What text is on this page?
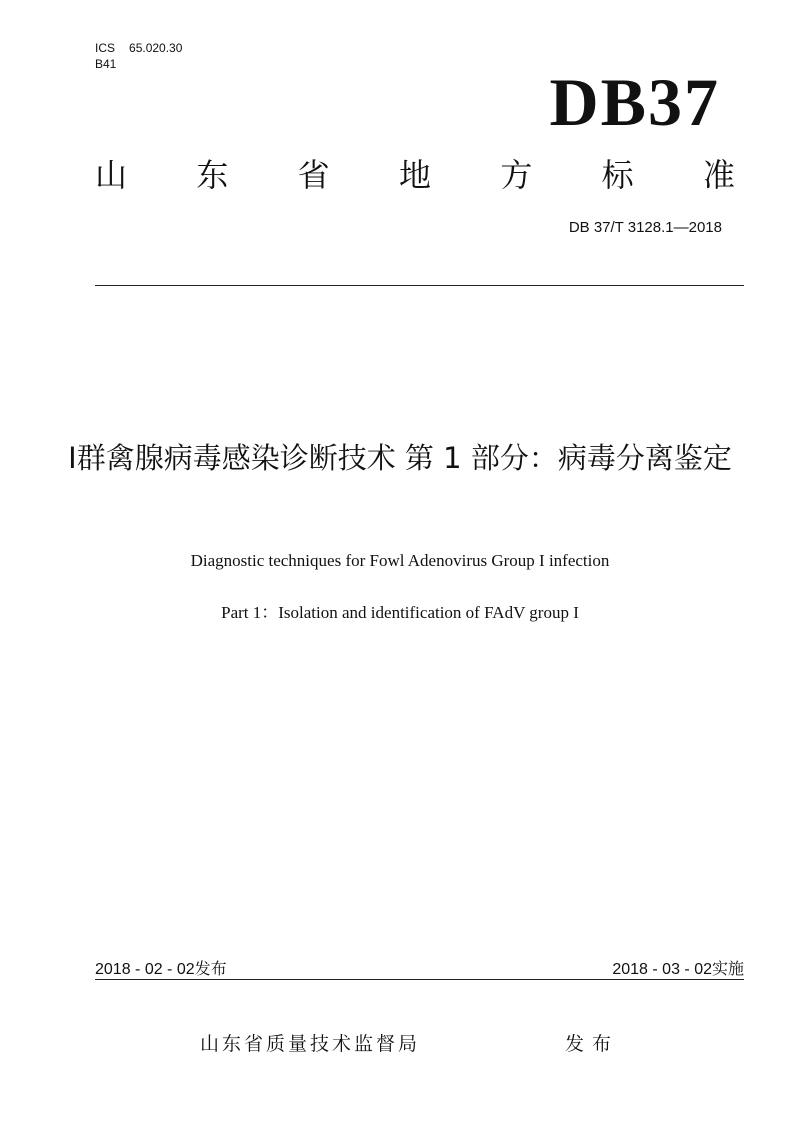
ICS 65.020.30
B41	DB37
山 东 省 地 方 标 准
DB 37/T 3128.1—2018
Ⅰ群禽腺病毒感染诊断技术 第 1 部分：病毒分离鉴定
Diagnostic techniques for Fowl Adenovirus Group I infection
Part 1：Isolation and identification of FAdV group I
2018 - 02 - 02发布	2018 - 03 - 02实施
山东省质量技术监督局	发布
